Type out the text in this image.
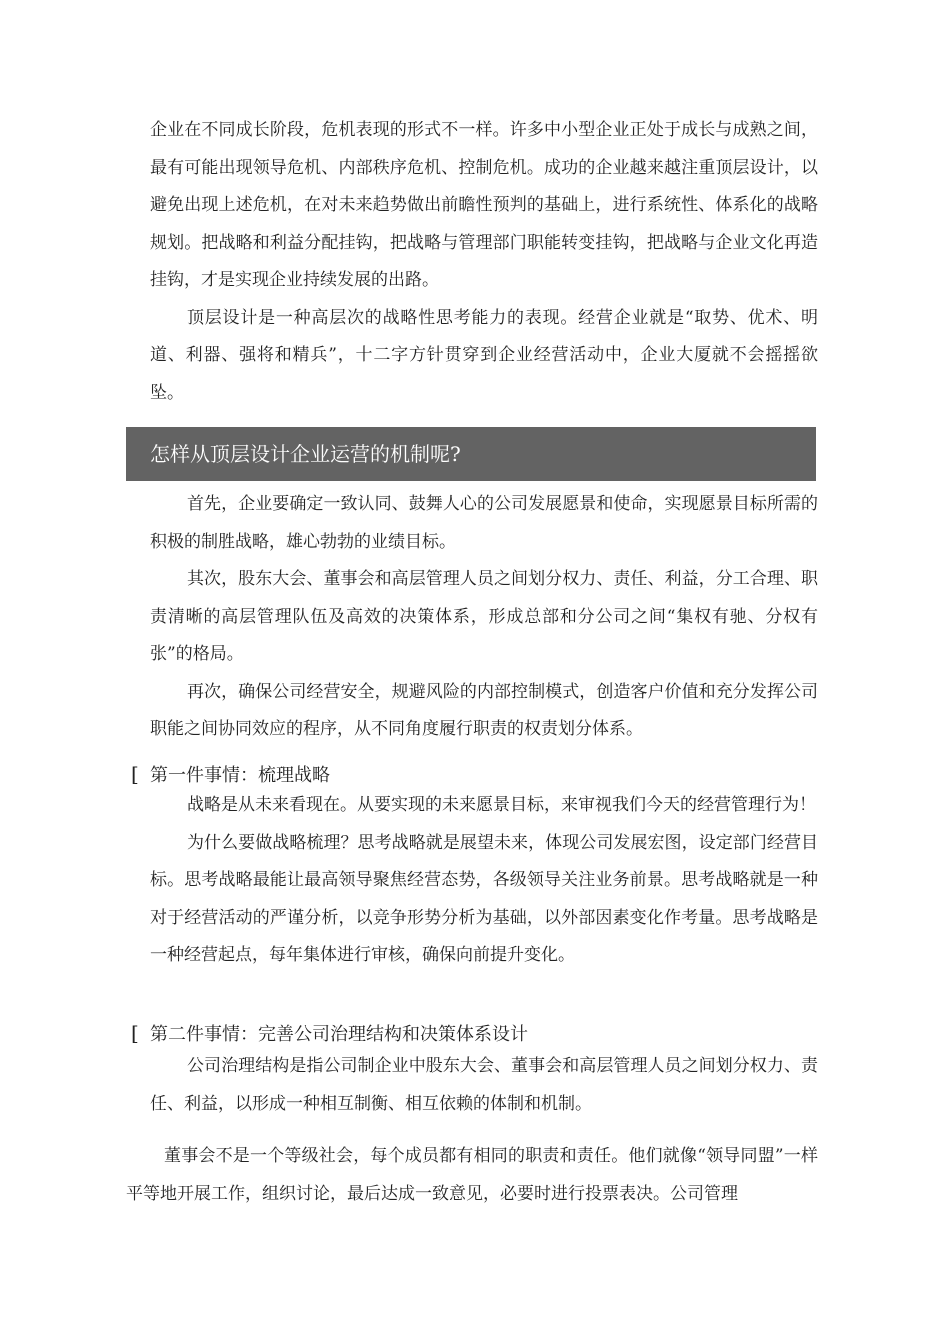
企业在不同成长阶段，危机表现的形式不一样。许多中小型企业正处于成长与成熟之间，最有可能出现领导危机、内部秩序危机、控制危机。成功的企业越来越注重顶层设计，以避免出现上述危机，在对未来趋势做出前瞻性预判的基础上，进行系统性、体系化的战略规划。把战略和利益分配挂钩，把战略与管理部门职能转变挂钩，把战略与企业文化再造挂钩，才是实现企业持续发展的出路。

顶层设计是一种高层次的战略性思考能力的表现。经营企业就是“取势、优术、明道、利器、强将和精兵”，十二字方针贯穿到企业经营活动中，企业大厦就不会摇摇欲坠。

怎样从顶层设计企业运营的机制呢?

首先，企业要确定一致认同、鼓舞人心的公司发展愿景和使命，实现愿景目标所需的积极的制胜战略，雄心勃勃的业绩目标。

其次，股东大会、董事会和高层管理人员之间划分权力、责任、利益，分工合理、职责清晰的高层管理队伍及高效的决策体系，形成总部和分公司之间“集权有驰、分权有张”的格局。

再次，确保公司经营安全，规避风险的内部控制模式，创造客户价值和充分发挥公司职能之间协同效应的程序，从不同角度履行职责的权责划分体系。

[ 第一件事情：梳理战略

战略是从未来看现在。从要实现的未来愿景目标，来审视我们今天的经营管理行为！

为什么要做战略梳理？思考战略就是展望未来，体现公司发展宏图，设定部门经营目标。思考战略最能让最高领导聚焦经营态势，各级领导关注业务前景。思考战略就是一种对于经营活动的严谨分析，以竞争形势分析为基础，以外部因素变化作考量。思考战略是一种经营起点，每年集体进行审核，确保向前提升变化。

[ 第二件事情：完善公司治理结构和决策体系设计

公司治理结构是指公司制企业中股东大会、董事会和高层管理人员之间划分权力、责任、利益，以形成一种相互制衡、相互依赖的体制和机制。

董事会不是一个等级社会，每个成员都有相同的职责和责任。他们就像“领导同盟”一样平等地开展工作，组织讨论，最后达成一致意见，必要时进行投票表决。公司管理
